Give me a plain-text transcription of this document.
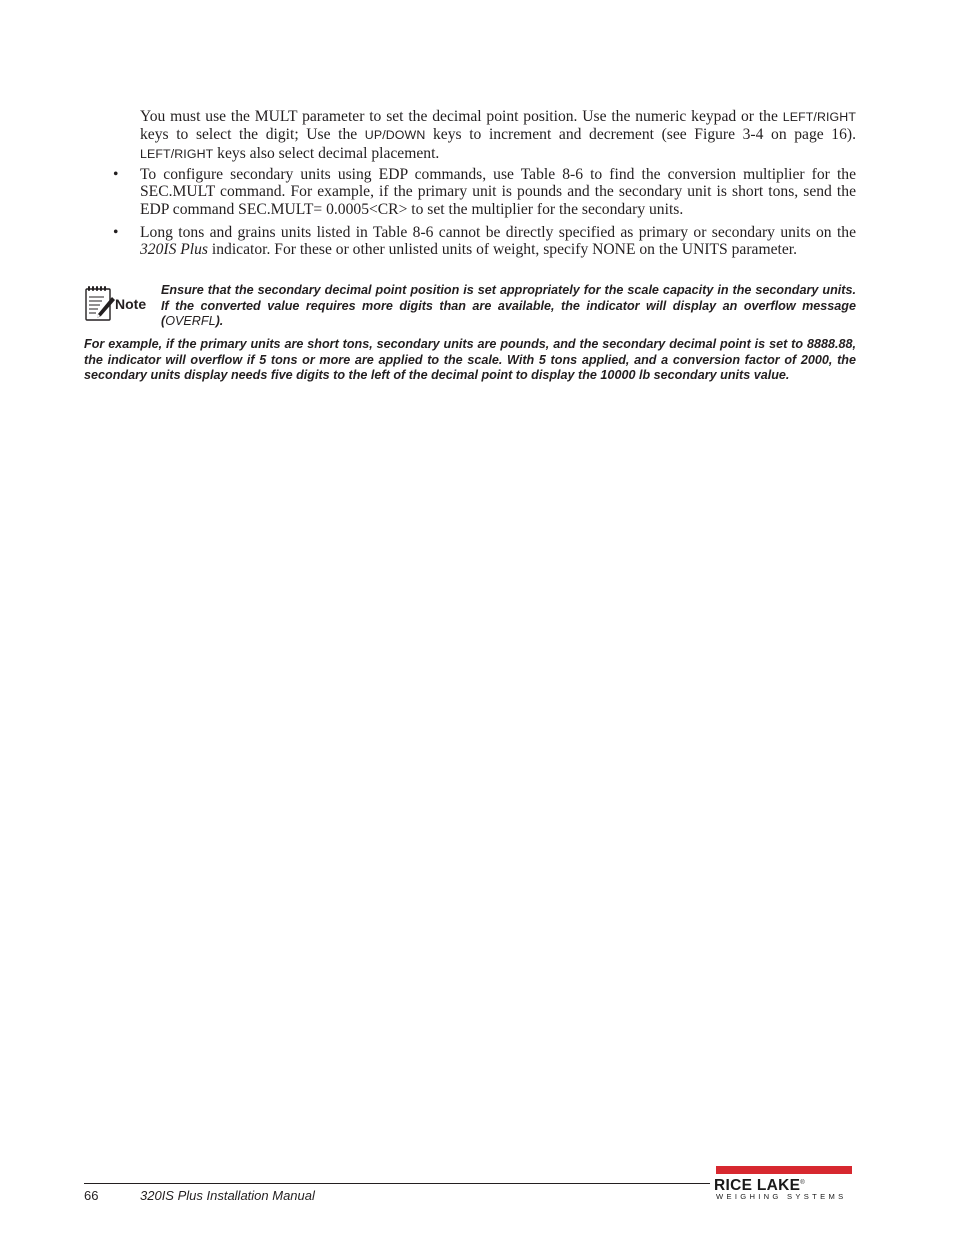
You must use the MULT parameter to set the decimal point position. Use the numeric keypad or the LEFT/RIGHT keys to select the digit; Use the UP/DOWN keys to increment and decrement (see Figure 3-4 on page 16). LEFT/RIGHT keys also select decimal placement.

• To configure secondary units using EDP commands, use Table 8-6 to find the conversion multiplier for the SEC.MULT command. For example, if the primary unit is pounds and the secondary unit is short tons, send the EDP command SEC.MULT= 0.0005<CR> to set the multiplier for the secondary units.

• Long tons and grains units listed in Table 8-6 cannot be directly specified as primary or secondary units on the 320IS Plus indicator. For these or other unlisted units of weight, specify NONE on the UNITS parameter.

Note

Ensure that the secondary decimal point position is set appropriately for the scale capacity in the secondary units. If the converted value requires more digits than are available, the indicator will display an overflow message (OVERFL).

For example, if the primary units are short tons, secondary units are pounds, and the secondary decimal point is set to 8888.88, the indicator will overflow if 5 tons or more are applied to the scale. With 5 tons applied, and a conversion factor of 2000, the secondary units display needs five digits to the left of the decimal point to display the 10000 lb secondary units value.

66	320IS Plus Installation Manual
RICE LAKE®
WEIGHING SYSTEMS
